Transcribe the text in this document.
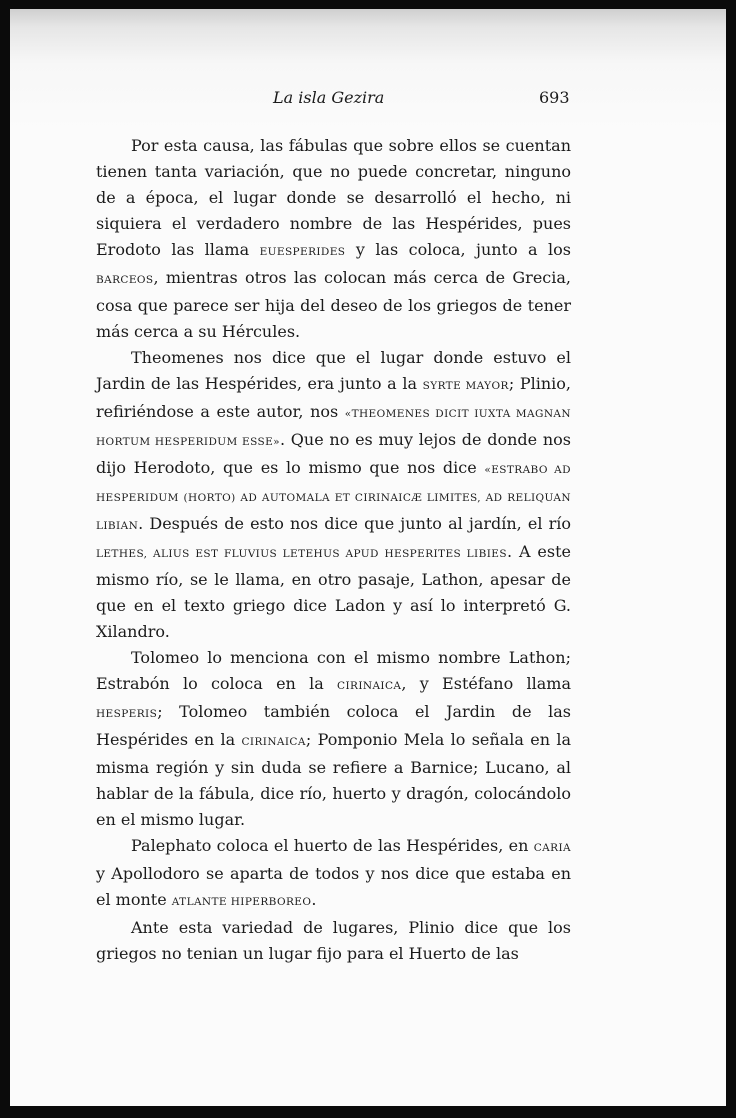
La isla Gezira	693

Por esta causa, las fábulas que sobre ellos se cuentan tienen tanta variación, que no puede concretar, ninguno de a época, el lugar donde se desarrolló el hecho, ni siquiera el verdadero nombre de las Hespérides, pues Erodoto las llama EUESPERIDES y las coloca, junto a los BARCEOS, mientras otros las colocan más cerca de Grecia, cosa que parece ser hija del deseo de los griegos de tener más cerca a su Hércules.

Theomenes nos dice que el lugar donde estuvo el Jardin de las Hespérides, era junto a la SYRTE MAYOR; Plinio, refiriéndose a este autor, nos «THEOMENES DICIT IUXTA MAGNAN HORTUM HESPERIDUM ESSE». Que no es muy lejos de donde nos dijo Herodoto, que es lo mismo que nos dice «ESTRABO AD HESPERIDUM (HORTO) AD AUTOMALA ET CIRINAICÆ LIMITES, AD RELIQUAN LIBIAN. Después de esto nos dice que junto al jardín, el río LETHES, ALIUS EST FLUVIUS LETEHUS APUD HESPERITES LIBIES. A este mismo río, se le llama, en otro pasaje, Lathon, apesar de que en el texto griego dice Ladon y así lo interpretó G. Xilandro.

Tolomeo lo menciona con el mismo nombre Lathon; Estrabón lo coloca en la CIRINAICA, y Estéfano llama HESPERIS; Tolomeo también coloca el Jardin de las Hespérides en la CIRINAICA; Pomponio Mela lo señala en la misma región y sin duda se refiere a Barnice; Lucano, al hablar de la fábula, dice río, huerto y dragón, colocándolo en el mismo lugar.

Palephato coloca el huerto de las Hespérides, en CARIA y Apollodoro se aparta de todos y nos dice que estaba en el monte ATLANTE HIPERBOREO.

Ante esta variedad de lugares, Plinio dice que los griegos no tenian un lugar fijo para el Huerto de las
